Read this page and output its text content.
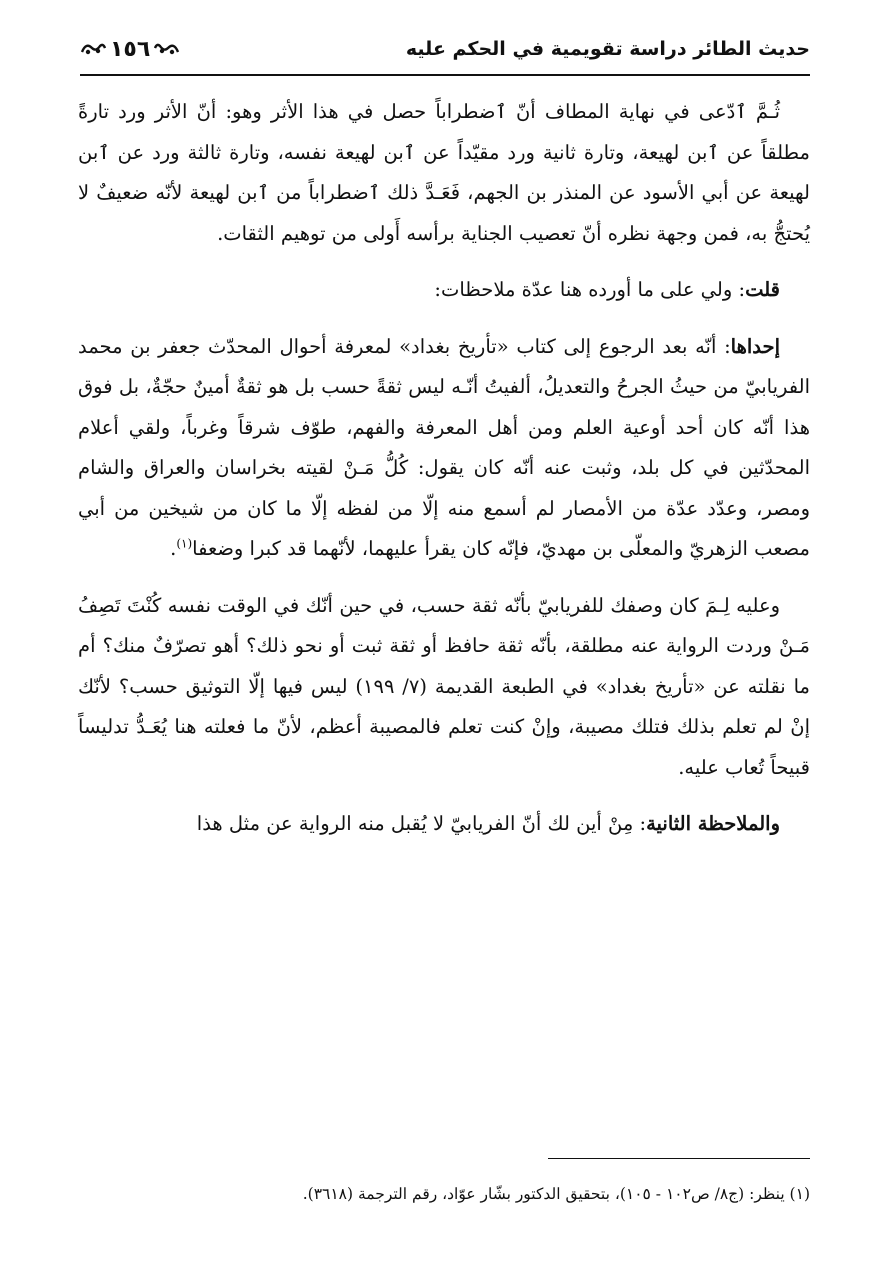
حديث الطائر دراسة تقويمية في الحكم عليه
١٥٦

ثُـمَّ ٱدّعى في نهاية المطاف أنّ ٱضطراباً حصل في هذا الأثر وهو: أنّ الأثر ورد تارةً مطلقاً عن ٱبن لهيعة، وتارة ثانية ورد مقيّداً عن ٱبن لهيعة نفسه، وتارة ثالثة ورد عن ٱبن لهيعة عن أبي الأسود عن المنذر بن الجهم، فَعَـدَّ ذلك ٱضطراباً من ٱبن لهيعة لأنّه ضعيفٌ لا يُحتجُّ به، فمن وجهة نظره أنّ تعصيب الجناية برأسه أَولى من توهيم الثقات.

قلت: ولي على ما أورده هنا عدّة ملاحظات:

إحداها: أنّه بعد الرجوع إلى كتاب «تأريخ بغداد» لمعرفة أحوال المحدّث جعفر بن محمد الفريابيّ من حيثُ الجرحُ والتعديلُ، ألفيتُ أنّـه ليس ثقةً حسب بل هو ثقةٌ أمينٌ حجّةٌ، بل فوق هذا أنّه كان أحد أوعية العلم ومن أهل المعرفة والفهم، طوّف شرقاً وغرباً، ولقي أعلام المحدّثين في كل بلد، وثبت عنه أنّه كان يقول: كُلُّ مَـنْ لقيته بخراسان والعراق والشام ومصر، وعدّد عدّة من الأمصار لم أسمع منه إلّا من لفظه إلّا ما كان من شيخين من أبي مصعب الزهريّ والمعلّى بن مهديّ، فإنّه كان يقرأ عليهما، لأنّهما قد كبرا وضعفا$^{(١)}$.

وعليه لِـمَ كان وصفك للفريابيّ بأنّه ثقة حسب، في حين أنّك في الوقت نفسه كُنْتَ تَصِفُ مَـنْ وردت الرواية عنه مطلقة، بأنّه ثقة حافظ أو ثقة ثبت أو نحو ذلك؟ أهو تصرّفٌ منك؟ أم ما نقلته عن «تأريخ بغداد» في الطبعة القديمة (٧/ ١٩٩) ليس فيها إلّا التوثيق حسب؟ لأنّك إنْ لم تعلم بذلك فتلك مصيبة، وإنْ كنت تعلم فالمصيبة أعظم، لأنّ ما فعلته هنا يُعَـدُّ تدليساً قبيحاً تُعاب عليه.

والملاحظة الثانية: مِنْ أين لك أنّ الفريابيّ لا يُقبل منه الرواية عن مثل هذا

(١) ينظر: (ج٨/ ص١٠٢ - ١٠٥)، بتحقيق الدكتور بشّار عوّاد، رقم الترجمة (٣٦١٨).
